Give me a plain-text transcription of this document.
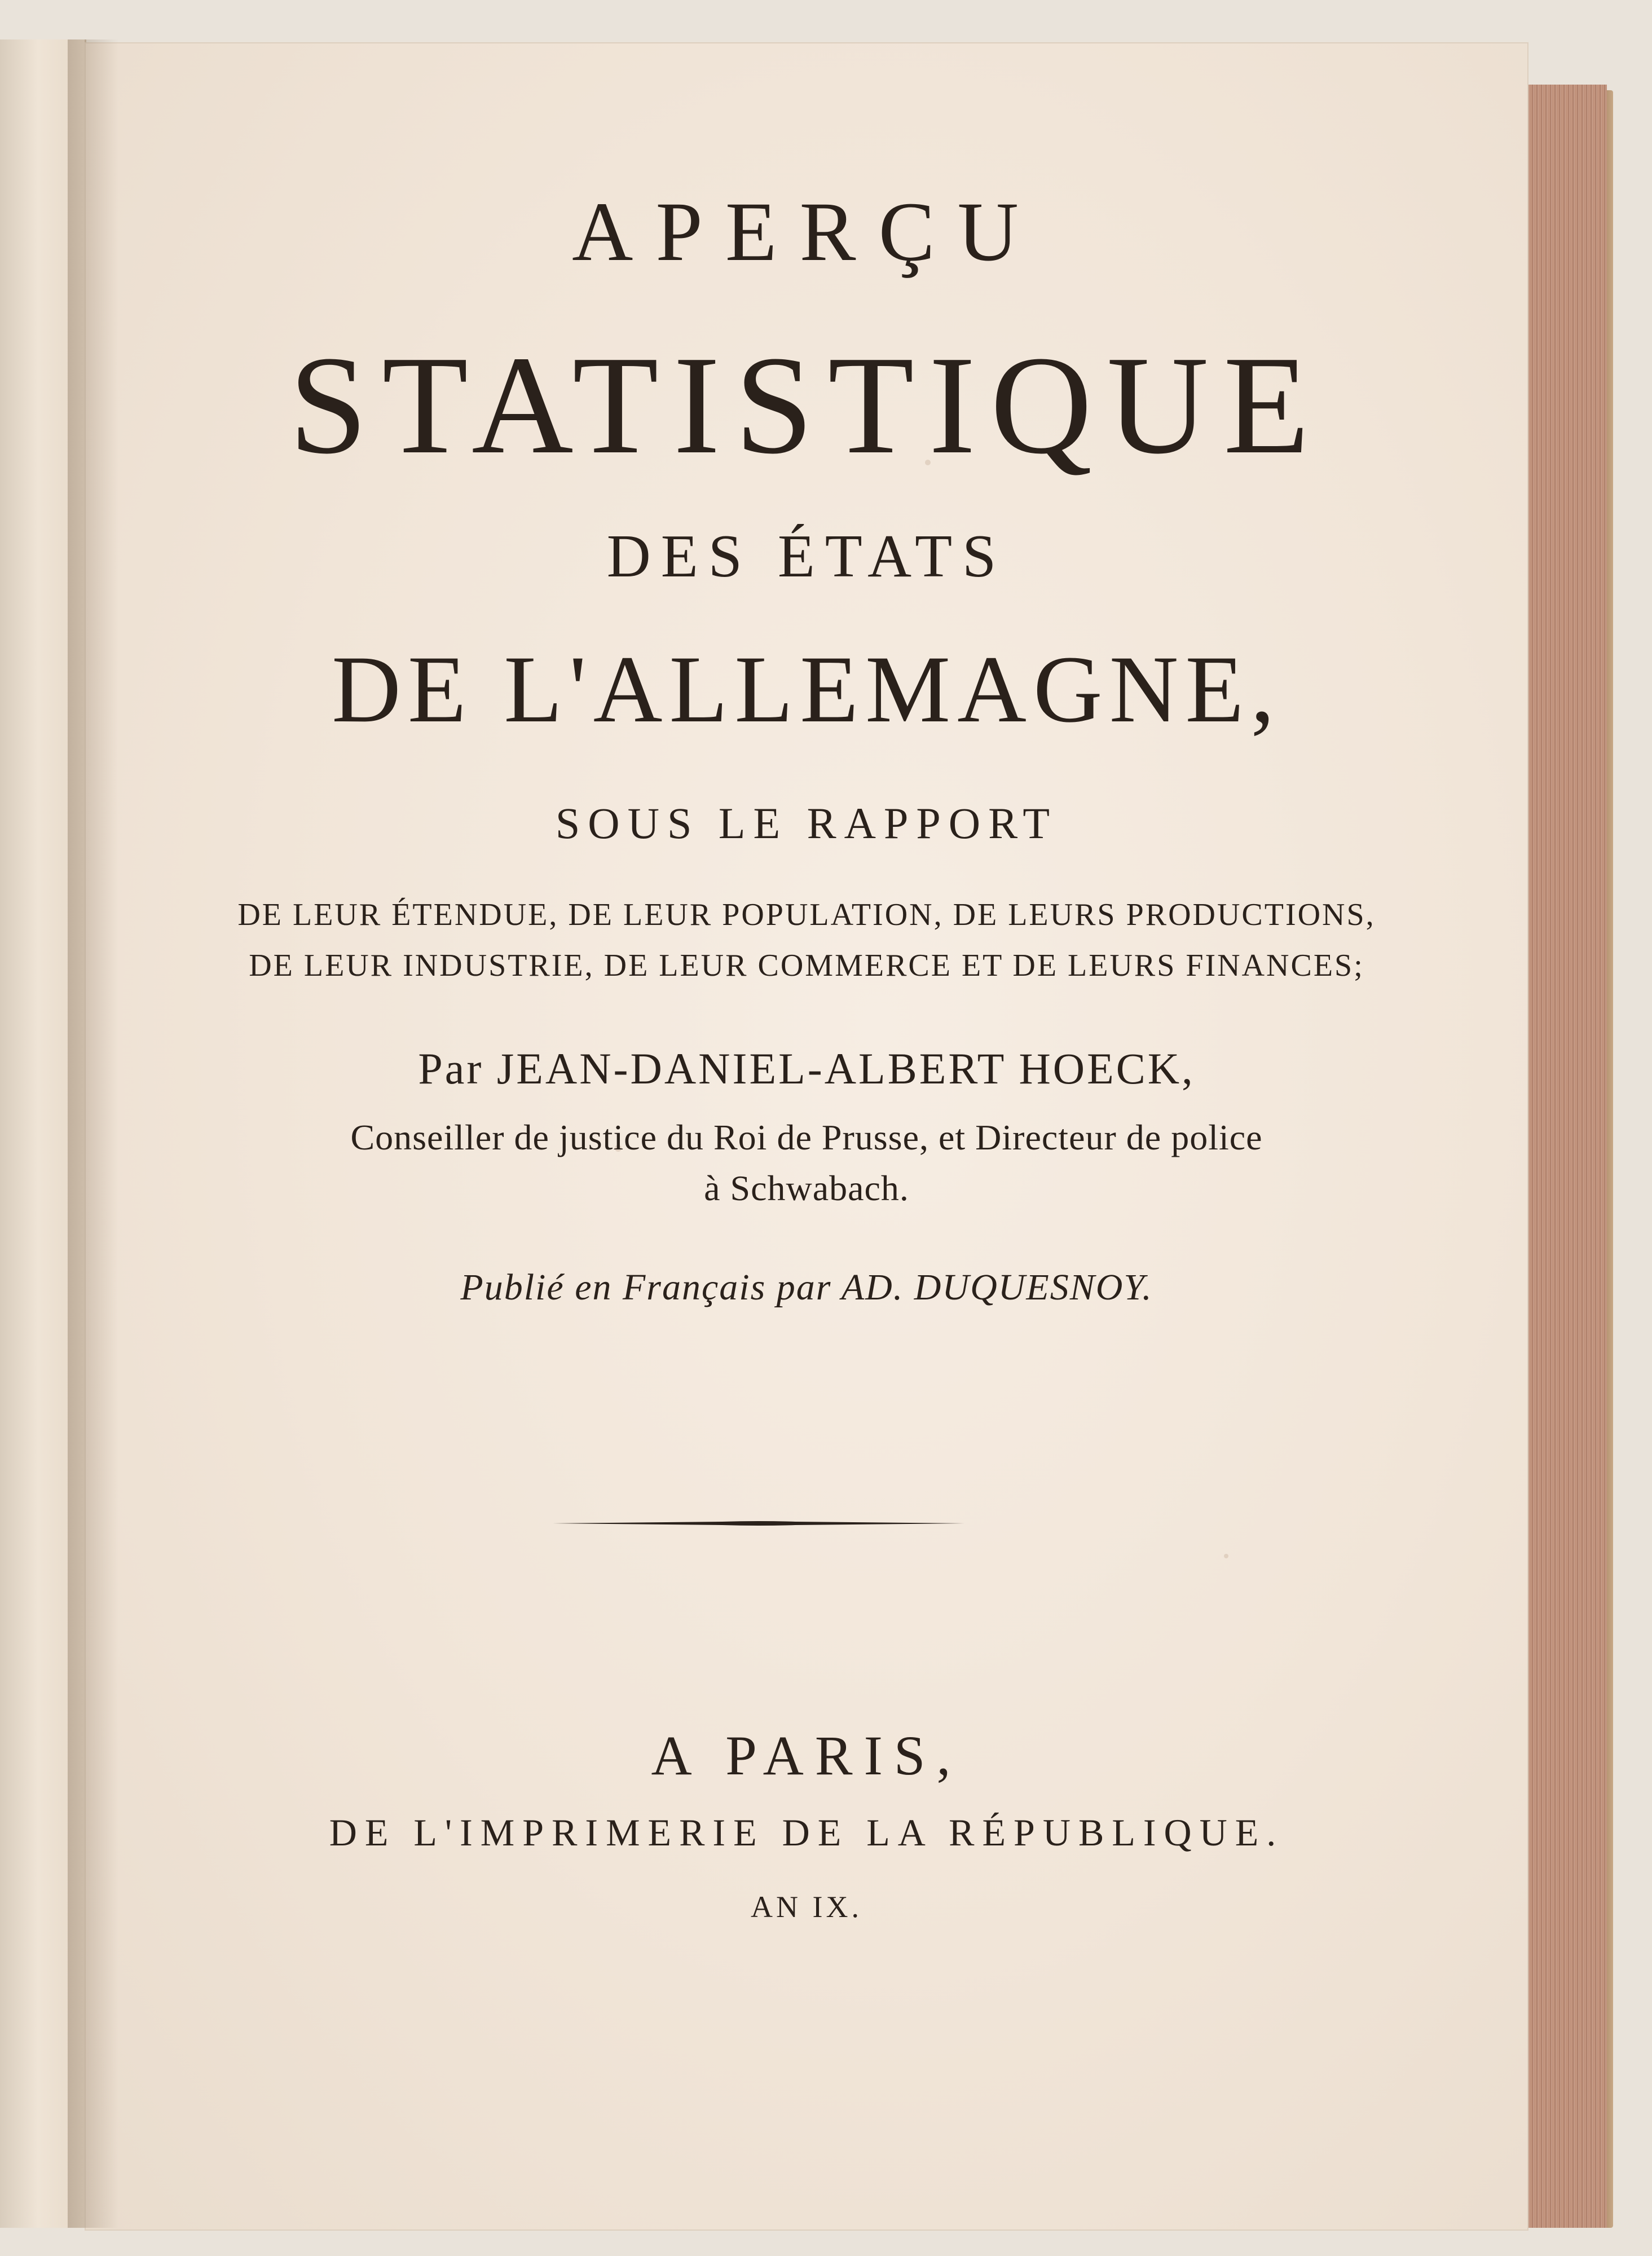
APERÇU

STATISTIQUE

DES ÉTATS

DE L'ALLEMAGNE,

SOUS LE RAPPORT

DE LEUR ÉTENDUE, DE LEUR POPULATION, DE LEURS PRODUCTIONS,

DE LEUR INDUSTRIE, DE LEUR COMMERCE ET DE LEURS FINANCES;

Par JEAN-DANIEL-ALBERT HOECK,

Conseiller de justice du Roi de Prusse, et Directeur de police

à Schwabach.

Publié en Français par AD. DUQUESNOY.

A PARIS,

DE L'IMPRIMERIE DE LA RÉPUBLIQUE.

AN IX.
